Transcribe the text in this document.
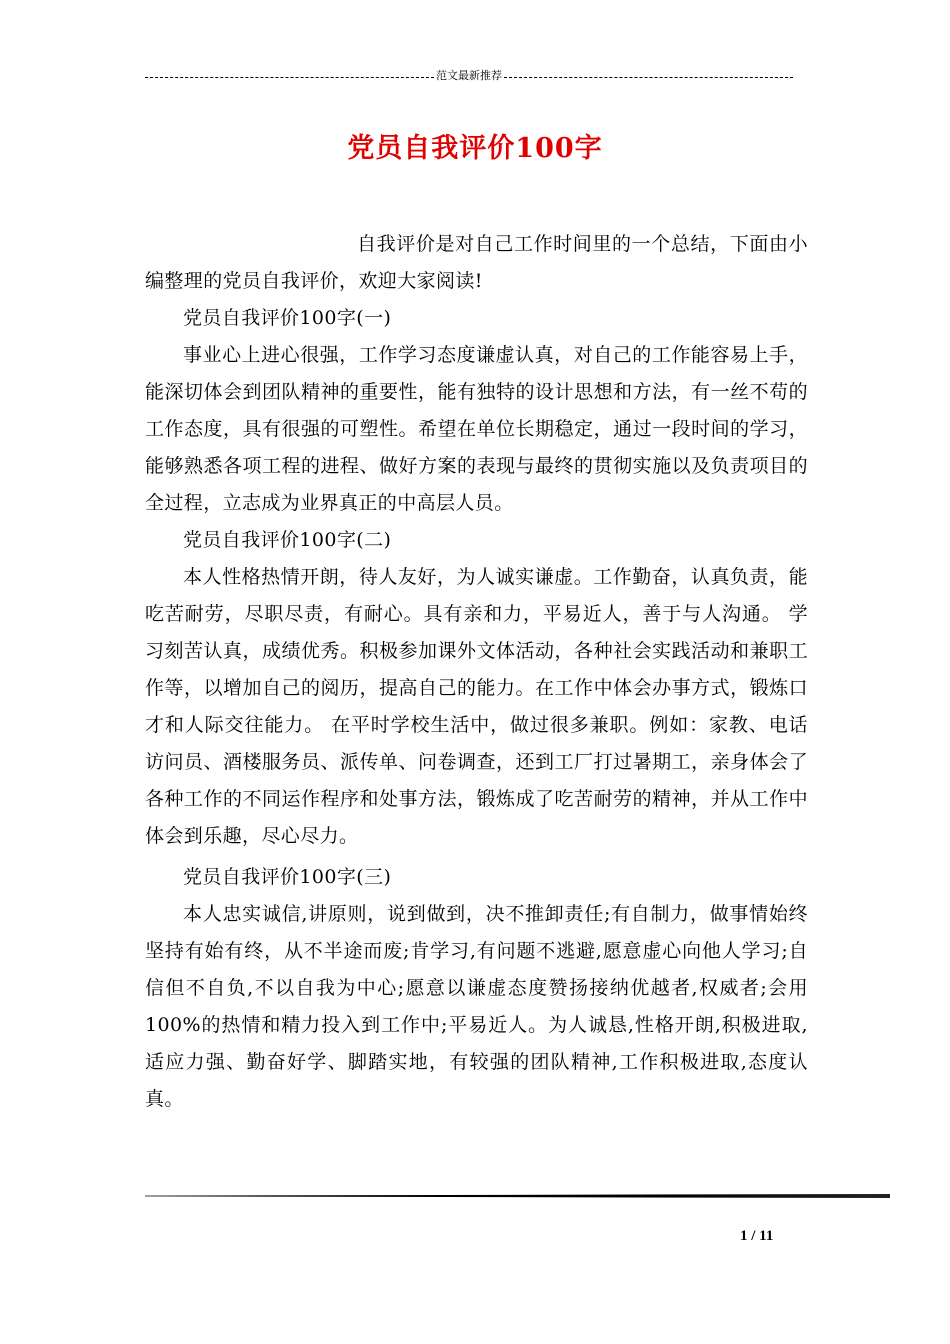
范文最新推荐
党员自我评价100字

自我评价是对自己工作时间里的一个总结，下面由小编整理的党员自我评价，欢迎大家阅读!

党员自我评价100字(一)

事业心上进心很强，工作学习态度谦虚认真，对自己的工作能容易上手，能深切体会到团队精神的重要性，能有独特的设计思想和方法，有一丝不苟的工作态度，具有很强的可塑性。希望在单位长期稳定，通过一段时间的学习，能够熟悉各项工程的进程、做好方案的表现与最终的贯彻实施以及负责项目的全过程，立志成为业界真正的中高层人员。

党员自我评价100字(二)

本人性格热情开朗，待人友好，为人诚实谦虚。工作勤奋，认真负责，能吃苦耐劳，尽职尽责，有耐心。具有亲和力，平易近人，善于与人沟通。 学习刻苦认真，成绩优秀。积极参加课外文体活动，各种社会实践活动和兼职工作等，以增加自己的阅历，提高自己的能力。在工作中体会办事方式，锻炼口才和人际交往能力。 在平时学校生活中，做过很多兼职。例如：家教、电话访问员、酒楼服务员、派传单、问卷调查，还到工厂打过暑期工，亲身体会了各种工作的不同运作程序和处事方法，锻炼成了吃苦耐劳的精神，并从工作中体会到乐趣，尽心尽力。

党员自我评价100字(三)

本人忠实诚信,讲原则，说到做到，决不推卸责任;有自制力，做事情始终坚持有始有终，从不半途而废;肯学习,有问题不逃避,愿意虚心向他人学习;自信但不自负,不以自我为中心;愿意以谦虚态度赞扬接纳优越者,权威者;会用100%的热情和精力投入到工作中;平易近人。为人诚恳,性格开朗,积极进取,适应力强、勤奋好学、脚踏实地，有较强的团队精神,工作积极进取,态度认真。

1 / 11
